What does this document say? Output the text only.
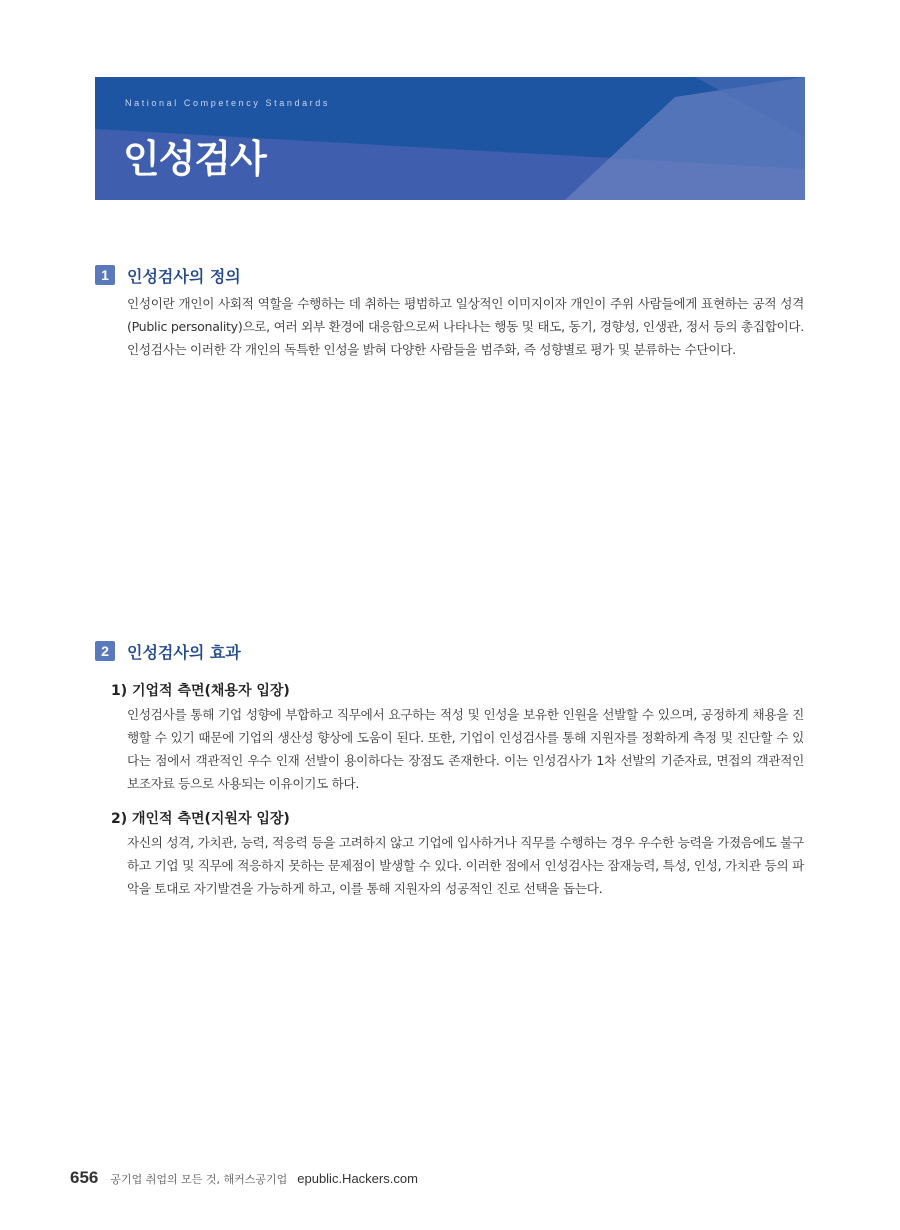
National Competency Standards
인성검사
1	인성검사의 정의

인성이란 개인이 사회적 역할을 수행하는 데 취하는 평범하고 일상적인 이미지이자 개인이 주위 사람들에게 표현하는 공적 성격(Public personality)으로, 여러 외부 환경에 대응함으로써 나타나는 행동 및 태도, 동기, 경향성, 인생관, 정서 등의 총집합이다. 인성검사는 이러한 각 개인의 독특한 인성을 밝혀 다양한 사람들을 범주화, 즉 성향별로 평가 및 분류하는 수단이다.

2	인성검사의 효과
1) 기업적 측면(채용자 입장)

인성검사를 통해 기업 성향에 부합하고 직무에서 요구하는 적성 및 인성을 보유한 인원을 선발할 수 있으며, 공정하게 채용을 진행할 수 있기 때문에 기업의 생산성 향상에 도움이 된다. 또한, 기업이 인성검사를 통해 지원자를 정확하게 측정 및 진단할 수 있다는 점에서 객관적인 우수 인재 선발이 용이하다는 장점도 존재한다. 이는 인성검사가 1차 선발의 기준자료, 면접의 객관적인 보조자료 등으로 사용되는 이유이기도 하다.

2) 개인적 측면(지원자 입장)

자신의 성격, 가치관, 능력, 적응력 등을 고려하지 않고 기업에 입사하거나 직무를 수행하는 경우 우수한 능력을 가졌음에도 불구하고 기업 및 직무에 적응하지 못하는 문제점이 발생할 수 있다. 이러한 점에서 인성검사는 잠재능력, 특성, 인성, 가치관 등의 파악을 토대로 자기발견을 가능하게 하고, 이를 통해 지원자의 성공적인 진로 선택을 돕는다.

656 공기업 취업의 모든 것, 해커스공기업 epublic.Hackers.com
